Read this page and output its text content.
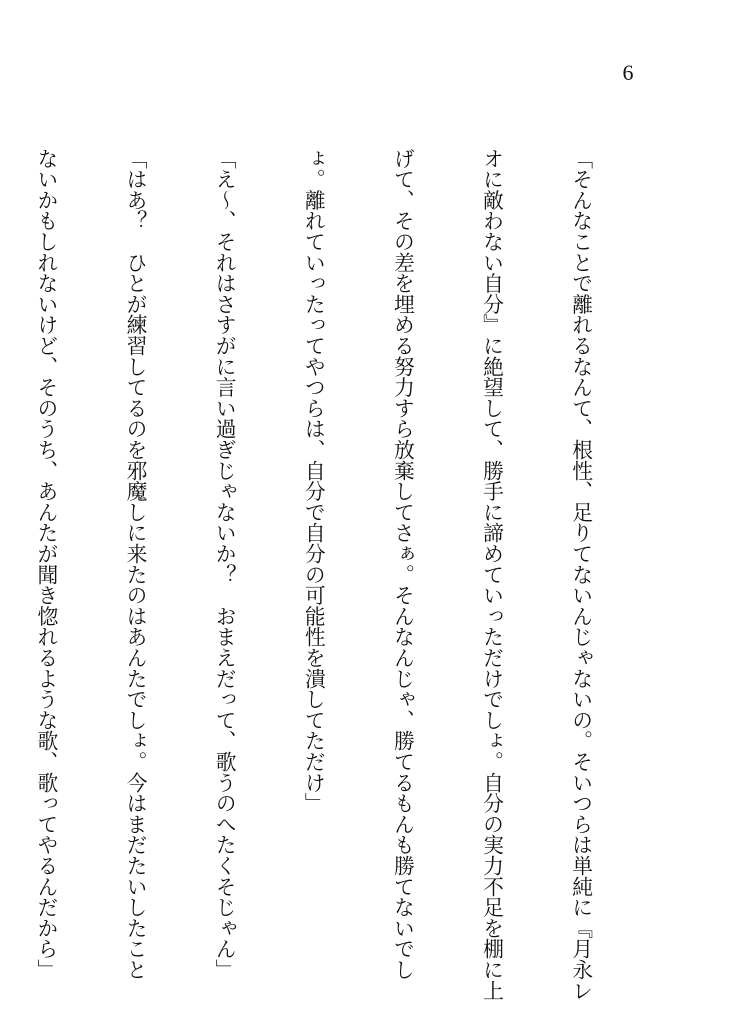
6

「そんなことで離れるなんて、根性、足りてないんじゃないの。そいつらは単純に『月永レ

オに敵わない自分』に絶望して、勝手に諦めていっただけでしょ。自分の実力不足を棚に上

げて、その差を埋める努力すら放棄してさぁ。そんなんじゃ、勝てるもんも勝てないでし

ょ。離れていったってやつらは、自分で自分の可能性を潰してただけ」

「え〜、それはさすがに言い過ぎじゃないか？　おまえだって、歌うのへたくそじゃん」

「はあ？　ひとが練習してるのを邪魔しに来たのはあんたでしょ。今はまだたいしたこと

ないかもしれないけど、そのうち、あんたが聞き惚れるような歌、歌ってやるんだから」
